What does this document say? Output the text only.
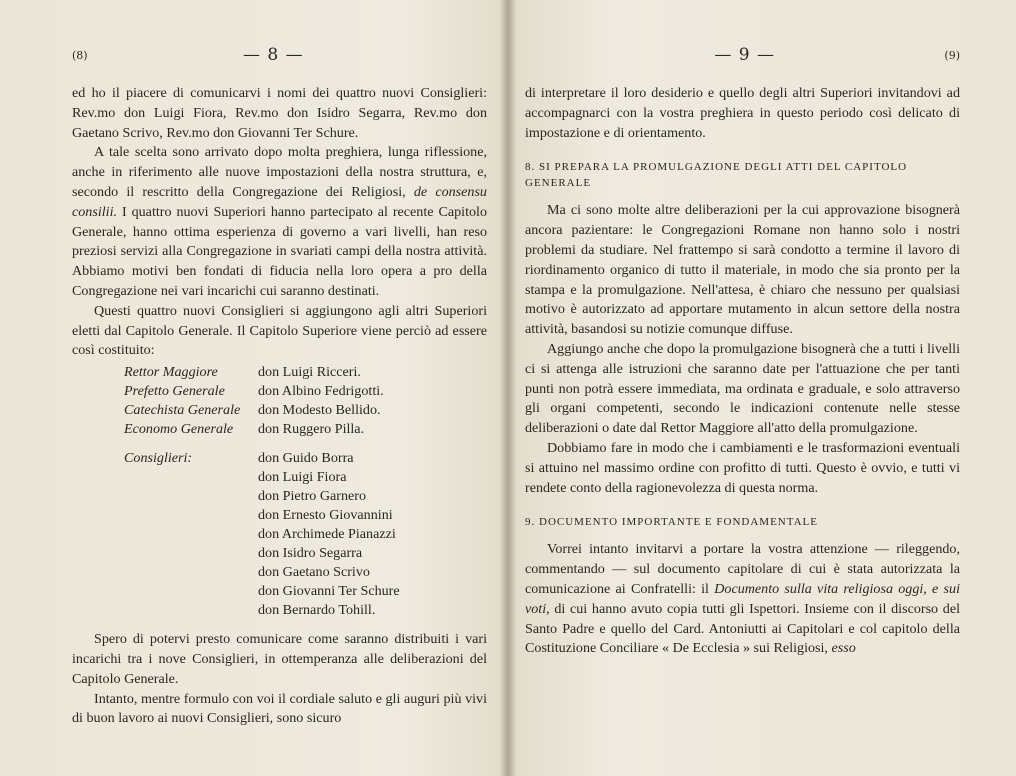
(8)	— 8 —

ed ho il piacere di comunicarvi i nomi dei quattro nuovi Consiglieri: Rev.mo don Luigi Fiora, Rev.mo don Isidro Segarra, Rev.mo don Gaetano Scrivo, Rev.mo don Giovanni Ter Schure.

A tale scelta sono arrivato dopo molta preghiera, lunga riflessione, anche in riferimento alle nuove impostazioni della nostra struttura, e, secondo il rescritto della Congregazione dei Religiosi, de consensu consilii. I quattro nuovi Superiori hanno partecipato al recente Capitolo Generale, hanno ottima esperienza di governo a vari livelli, han reso preziosi servizi alla Congregazione in svariati campi della nostra attività. Abbiamo motivi ben fondati di fiducia nella loro opera a pro della Congregazione nei vari incarichi cui saranno destinati.

Questi quattro nuovi Consiglieri si aggiungono agli altri Superiori eletti dal Capitolo Generale. Il Capitolo Superiore viene perciò ad essere così costituito:

Rettor Maggiore	don Luigi Ricceri.
Prefetto Generale	don Albino Fedrigotti.
Catechista Generale	don Modesto Bellido.
Economo Generale	don Ruggero Pilla.
Consiglieri:	don Guido Borra
don Luigi Fiora
don Pietro Garnero
don Ernesto Giovannini
don Archimede Pianazzi
don Isidro Segarra
don Gaetano Scrivo
don Giovanni Ter Schure
don Bernardo Tohill.

Spero di potervi presto comunicare come saranno distribuiti i vari incarichi tra i nove Consiglieri, in ottemperanza alle deliberazioni del Capitolo Generale.

Intanto, mentre formulo con voi il cordiale saluto e gli auguri più vivi di buon lavoro ai nuovi Consiglieri, sono sicuro

— 9 —	(9)

di interpretare il loro desiderio e quello degli altri Superiori invitandovi ad accompagnarci con la vostra preghiera in questo periodo così delicato di impostazione e di orientamento.

8. SI PREPARA LA PROMULGAZIONE DEGLI ATTI DEL CAPITOLO GENERALE

Ma ci sono molte altre deliberazioni per la cui approvazione bisognerà ancora pazientare: le Congregazioni Romane non hanno solo i nostri problemi da studiare. Nel frattempo si sarà condotto a termine il lavoro di riordinamento organico di tutto il materiale, in modo che sia pronto per la stampa e la promulgazione. Nell'attesa, è chiaro che nessuno per qualsiasi motivo è autorizzato ad apportare mutamento in alcun settore della nostra attività, basandosi su notizie comunque diffuse.

Aggiungo anche che dopo la promulgazione bisognerà che a tutti i livelli ci si attenga alle istruzioni che saranno date per l'attuazione che per tanti punti non potrà essere immediata, ma ordinata e graduale, e solo attraverso gli organi competenti, secondo le indicazioni contenute nelle stesse deliberazioni o date dal Rettor Maggiore all'atto della promulgazione.

Dobbiamo fare in modo che i cambiamenti e le trasformazioni eventuali si attuino nel massimo ordine con profitto di tutti. Questo è ovvio, e tutti vi rendete conto della ragionevolezza di questa norma.

9. DOCUMENTO IMPORTANTE E FONDAMENTALE

Vorrei intanto invitarvi a portare la vostra attenzione — rileggendo, commentando — sul documento capitolare di cui è stata autorizzata la comunicazione ai Confratelli: il Documento sulla vita religiosa oggi, e sui voti, di cui hanno avuto copia tutti gli Ispettori. Insieme con il discorso del Santo Padre e quello del Card. Antoniutti ai Capitolari e col capitolo della Costituzione Conciliare « De Ecclesia » sui Religiosi, esso
